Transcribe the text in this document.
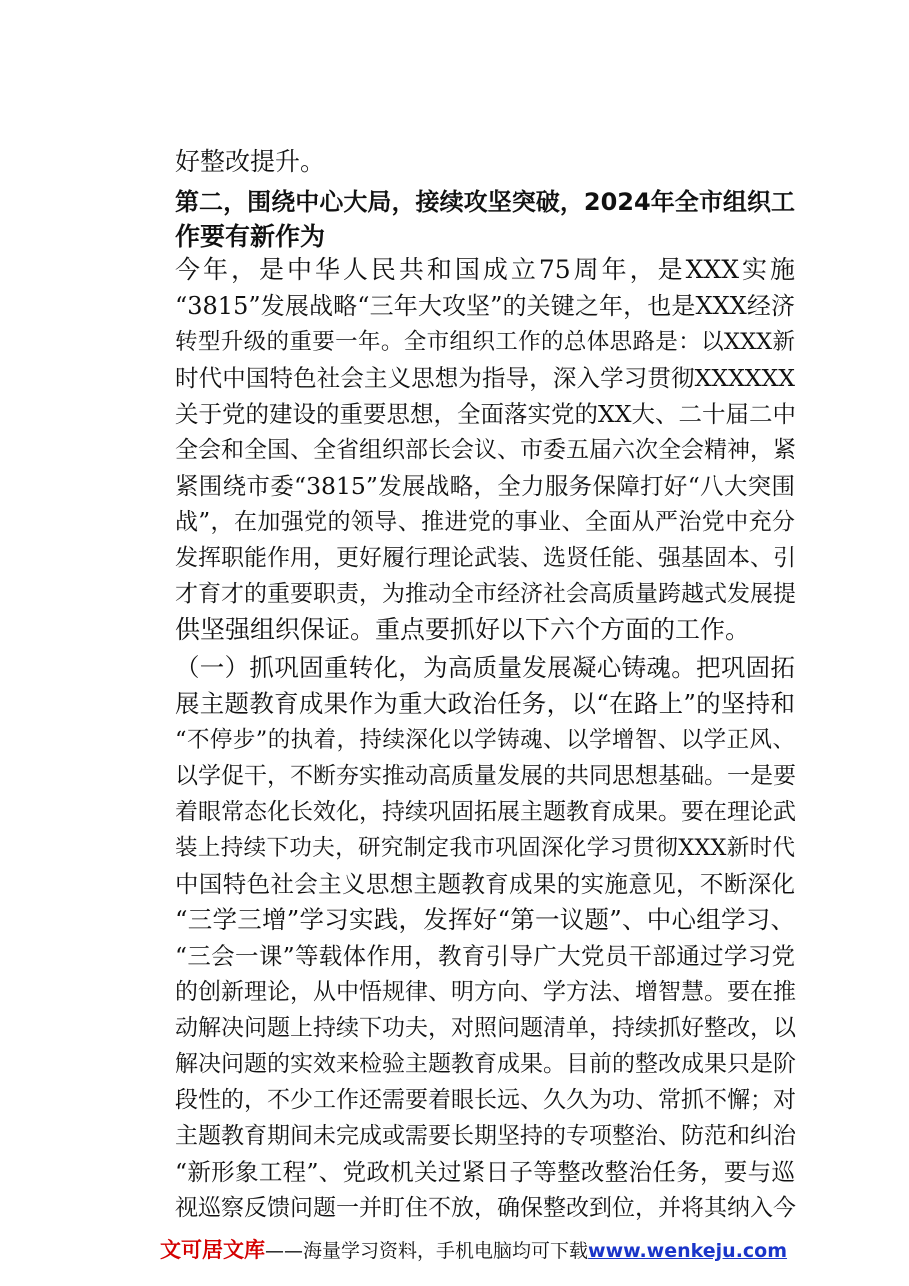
好整改提升。
第二，围绕中心大局，接续攻坚突破，2024年全市组织工
作要有新作为
今年，是中华人民共和国成立75周年，是XXX实施
“3815”发展战略“三年大攻坚”的关键之年，也是XXX经济
转型升级的重要一年。全市组织工作的总体思路是：以XXX新
时代中国特色社会主义思想为指导，深入学习贯彻XXXXXX
关于党的建设的重要思想，全面落实党的XX大、二十届二中
全会和全国、全省组织部长会议、市委五届六次全会精神，紧
紧围绕市委“3815”发展战略，全力服务保障打好“八大突围
战”，在加强党的领导、推进党的事业、全面从严治党中充分
发挥职能作用，更好履行理论武装、选贤任能、强基固本、引
才育才的重要职责，为推动全市经济社会高质量跨越式发展提
供坚强组织保证。重点要抓好以下六个方面的工作。
（一）抓巩固重转化，为高质量发展凝心铸魂。把巩固拓
展主题教育成果作为重大政治任务，以“在路上”的坚持和
“不停步”的执着，持续深化以学铸魂、以学增智、以学正风、
以学促干，不断夯实推动高质量发展的共同思想基础。一是要
着眼常态化长效化，持续巩固拓展主题教育成果。要在理论武
装上持续下功夫，研究制定我市巩固深化学习贯彻XXX新时代
中国特色社会主义思想主题教育成果的实施意见，不断深化
“三学三增”学习实践，发挥好“第一议题”、中心组学习、
“三会一课”等载体作用，教育引导广大党员干部通过学习党
的创新理论，从中悟规律、明方向、学方法、增智慧。要在推
动解决问题上持续下功夫，对照问题清单，持续抓好整改，以
解决问题的实效来检验主题教育成果。目前的整改成果只是阶
段性的，不少工作还需要着眼长远、久久为功、常抓不懈；对
主题教育期间未完成或需要长期坚持的专项整治、防范和纠治
“新形象工程”、党政机关过紧日子等整改整治任务，要与巡
视巡察反馈问题一并盯住不放，确保整改到位，并将其纳入今
文可居文库——海量学习资料，手机电脑均可下载www.wenkeju.com
